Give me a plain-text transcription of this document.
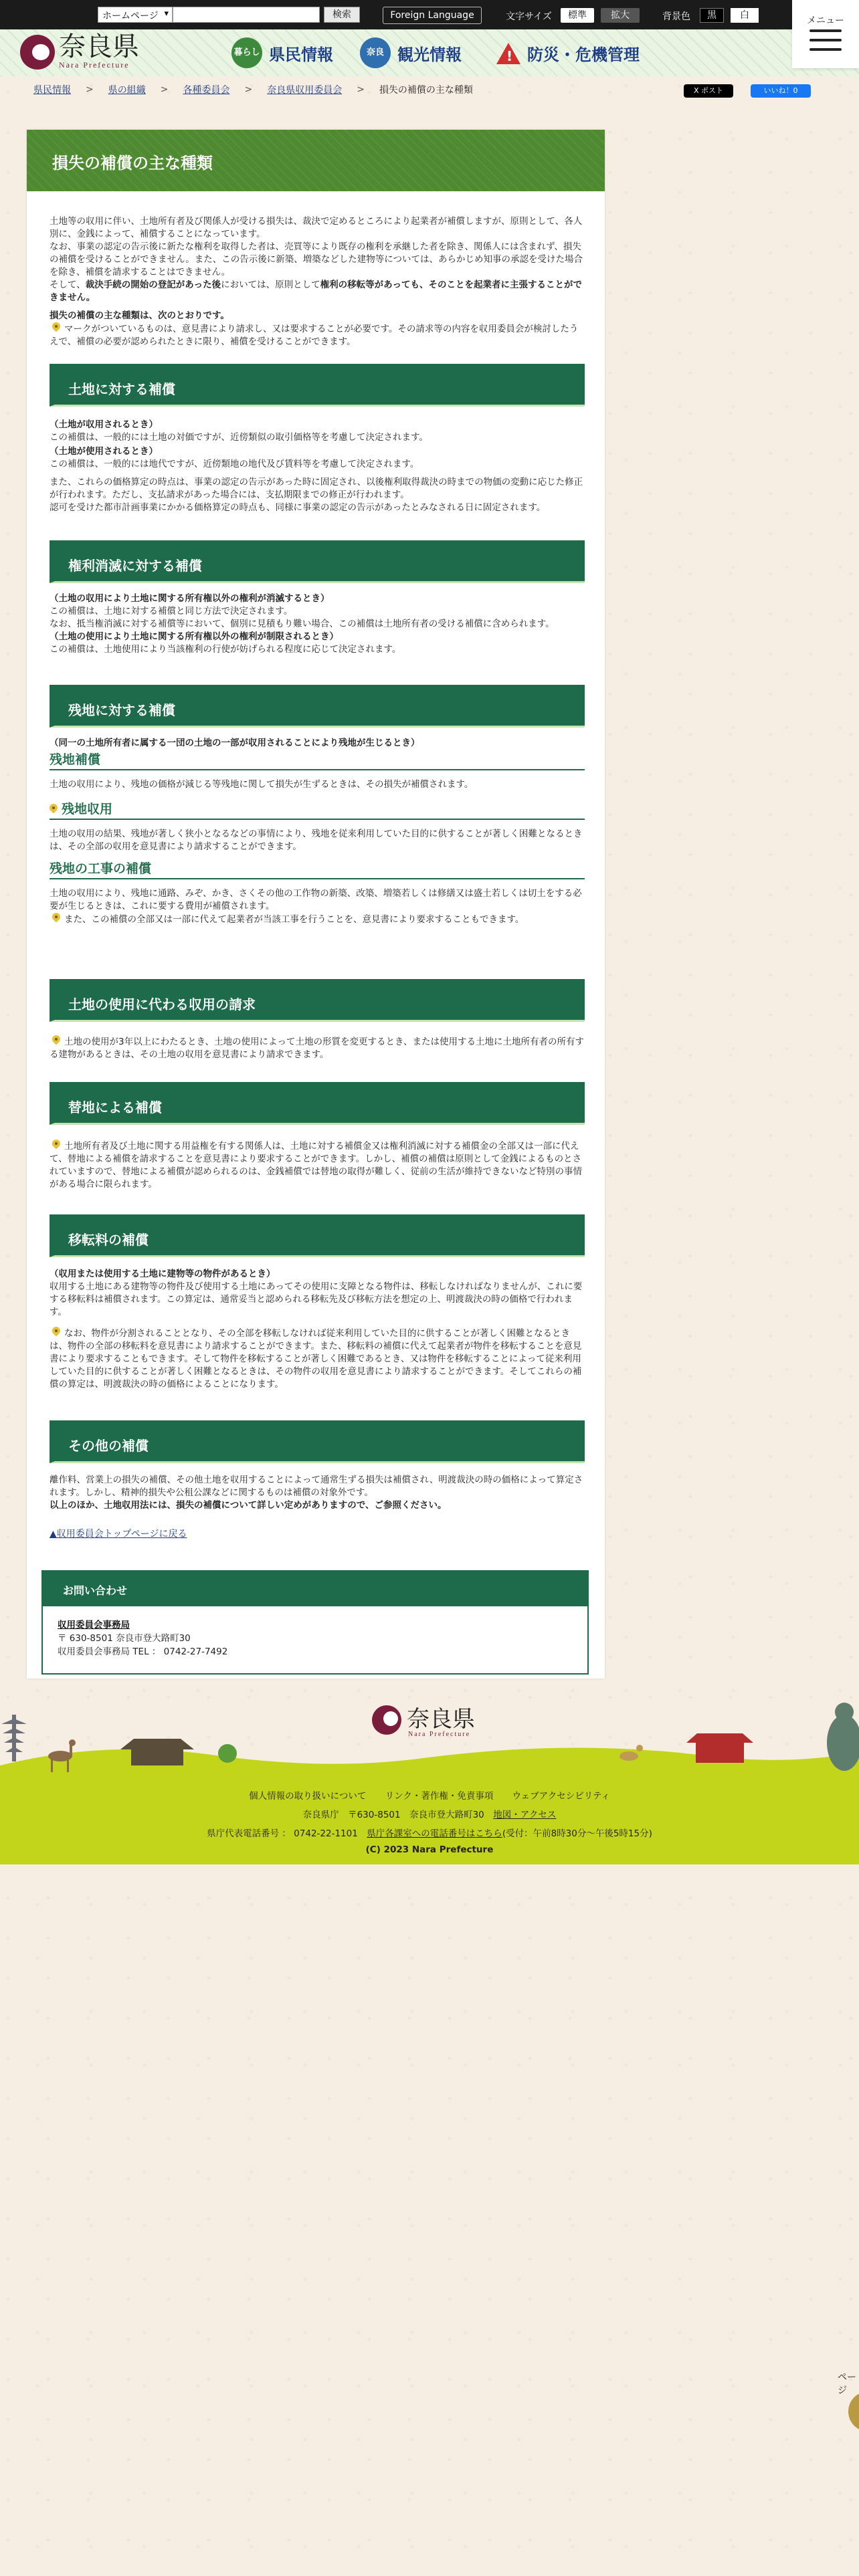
ホームページ ▾	検索	Foreign Language	文字サイズ	標準	拡大	背景色	黒	白	メニュー
奈良県
Nara Prefecture
暮らし 県民情報	奈良 観光情報 !	防災・危機管理
県民情報 > 県の組織 > 各種委員会 > 奈良県収用委員会 > 損失の補償の主な種類	X ポスト	いいね！0
損失の補償の主な種類

土地等の収用に伴い、土地所有者及び関係人が受ける損失は、裁決で定めるところにより起業者が補償しますが、原則として、各人別に、金銭によって、補償することになっています。

なお、事業の認定の告示後に新たな権利を取得した者は、売買等により既存の権利を承継した者を除き、関係人には含まれず、損失の補償を受けることができません。また、この告示後に新築、増築などした建物等については、あらかじめ知事の承認を受けた場合を除き、補償を請求することはできません。

そして、裁決手続の開始の登記があった後においては、原則として権利の移転等があっても、そのことを起業者に主張することができません。

損失の補償の主な種類は、次のとおりです。

マークがついているものは、意見書により請求し、又は要求することが必要です。その請求等の内容を収用委員会が検討したうえで、補償の必要が認められたときに限り、補償を受けることができます。

土地に対する補償

（土地が収用されるとき）

この補償は、一般的には土地の対価ですが、近傍類似の取引価格等を考慮して決定されます。

（土地が使用されるとき）

この補償は、一般的には地代ですが、近傍類地の地代及び賃料等を考慮して決定されます。

また、これらの価格算定の時点は、事業の認定の告示があった時に固定され、以後権利取得裁決の時までの物価の変動に応じた修正が行われます。ただし、支払請求があった場合には、支払期限までの修正が行われます。

認可を受けた都市計画事業にかかる価格算定の時点も、同様に事業の認定の告示があったとみなされる日に固定されます。

権利消滅に対する補償

（土地の収用により土地に関する所有権以外の権利が消滅するとき）

この補償は、土地に対する補償と同じ方法で決定されます。

なお、抵当権消滅に対する補償等において、個別に見積もり難い場合、この補償は土地所有者の受ける補償に含められます。

（土地の使用により土地に関する所有権以外の権利が制限されるとき）

この補償は、土地使用により当該権利の行使が妨げられる程度に応じて決定されます。

残地に対する補償

（同一の土地所有者に属する一団の土地の一部が収用されることにより残地が生じるとき）

残地補償

土地の収用により、残地の価格が減じる等残地に関して損失が生ずるときは、その損失が補償されます。

残地収用

土地の収用の結果、残地が著しく狭小となるなどの事情により、残地を従来利用していた目的に供することが著しく困難となるときは、その全部の収用を意見書により請求することができます。

残地の工事の補償

土地の収用により、残地に通路、みぞ、かき、さくその他の工作物の新築、改築、増築若しくは修繕又は盛土若しくは切土をする必要が生じるときは、これに要する費用が補償されます。

また、この補償の全部又は一部に代えて起業者が当該工事を行うことを、意見書により要求することもできます。

土地の使用に代わる収用の請求

土地の使用が3年以上にわたるとき、土地の使用によって土地の形質を変更するとき、または使用する土地に土地所有者の所有する建物があるときは、その土地の収用を意見書により請求できます。

替地による補償

土地所有者及び土地に関する用益権を有する関係人は、土地に対する補償金又は権利消滅に対する補償金の全部又は一部に代えて、替地による補償を請求することを意見書により要求することができます。しかし、補償の補償は原則として金銭によるものとされていますので、替地による補償が認められるのは、金銭補償では替地の取得が難しく、従前の生活が維持できないなど特別の事情がある場合に限られます。

移転料の補償

（収用または使用する土地に建物等の物件があるとき）

収用する土地にある建物等の物件及び使用する土地にあってその使用に支障となる物件は、移転しなければなりませんが、これに要する移転料は補償されます。この算定は、通常妥当と認められる移転先及び移転方法を想定の上、明渡裁決の時の価格で行われます。

なお、物件が分割されることとなり、その全部を移転しなければ従来利用していた目的に供することが著しく困難となるときは、物件の全部の移転料を意見書により請求することができます。また、移転料の補償に代えて起業者が物件を移転することを意見書により要求することもできます。そして物件を移転することが著しく困難であるとき、又は物件を移転することによって従来利用していた目的に供することが著しく困難となるときは、その物件の収用を意見書により請求することができます。そしてこれらの補償の算定は、明渡裁決の時の価格によることになります。

その他の補償

離作料、営業上の損失の補償、その他土地を収用することによって通常生ずる損失は補償され、明渡裁決の時の価格によって算定されます。しかし、精神的損失や公租公課などに関するものは補償の対象外です。

以上のほか、土地収用法には、損失の補償について詳しい定めがありますので、ご参照ください。

▲収用委員会トップページに戻る

お問い合わせ
収用委員会事務局
〒 630-8501 奈良市登大路町30
収用委員会事務局 TEL ： 0742-27-7492
奈良県
Nara Prefecture
個人情報の取り扱いについて リンク・著作権・免責事項 ウェブアクセシビリティ
奈良県庁　〒630-8501　奈良市登大路町30　 地図・アクセス
県庁代表電話番号 ： 0742-22-1101　 県庁各課室への電話番号はこちら(受付：午前8時30分～午後5時15分)
(C) 2023 Nara Prefecture
ページ
